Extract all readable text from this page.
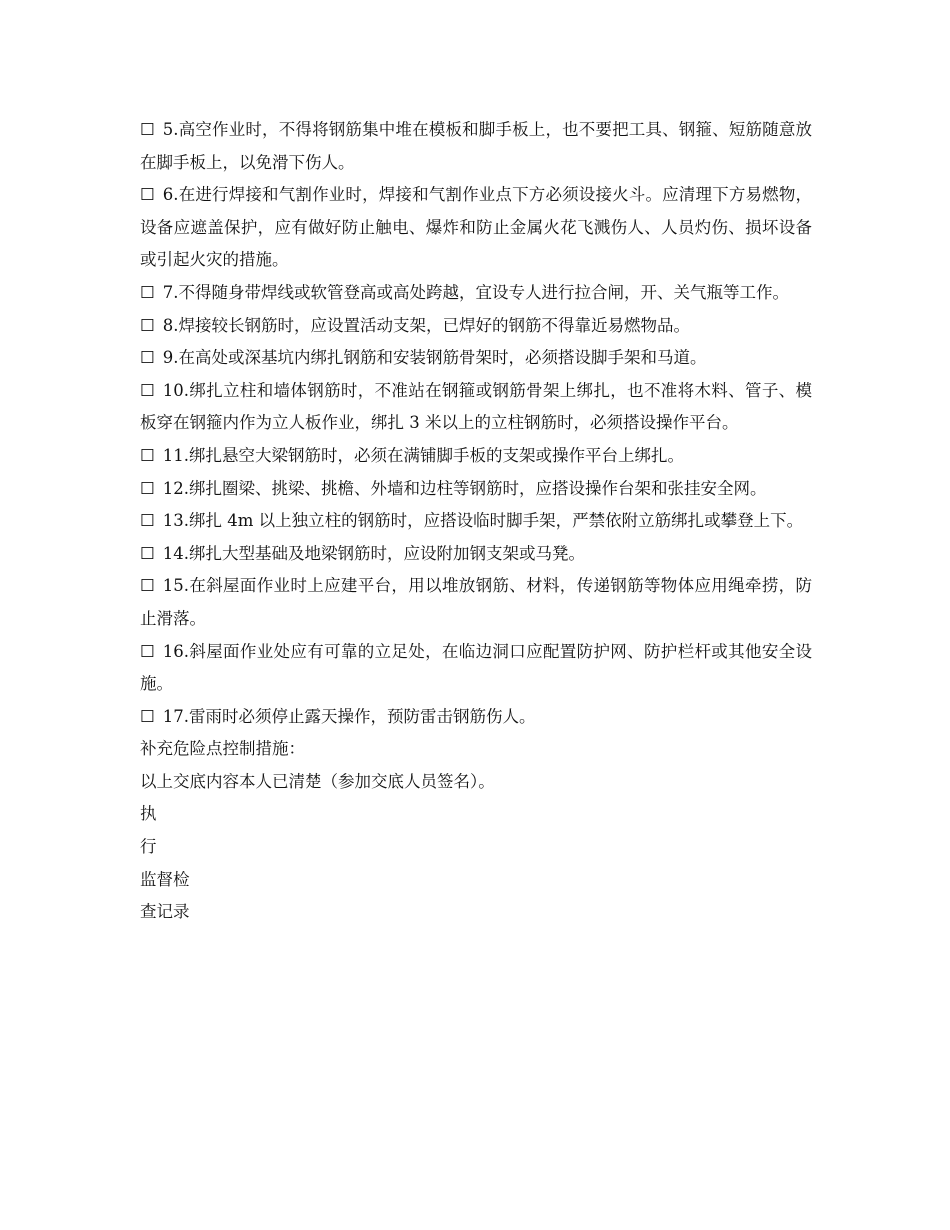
☐ 5.高空作业时，不得将钢筋集中堆在模板和脚手板上，也不要把工具、钢箍、短筋随意放在脚手板上，以免滑下伤人。

☐ 6.在进行焊接和气割作业时，焊接和气割作业点下方必须设接火斗。应清理下方易燃物，设备应遮盖保护，应有做好防止触电、爆炸和防止金属火花飞溅伤人、人员灼伤、损坏设备或引起火灾的措施。

☐ 7.不得随身带焊线或软管登高或高处跨越，宜设专人进行拉合闸，开、关气瓶等工作。

☐ 8.焊接较长钢筋时，应设置活动支架，已焊好的钢筋不得靠近易燃物品。

☐ 9.在高处或深基坑内绑扎钢筋和安装钢筋骨架时，必须搭设脚手架和马道。

☐ 10.绑扎立柱和墙体钢筋时，不准站在钢箍或钢筋骨架上绑扎，也不准将木料、管子、模板穿在钢箍内作为立人板作业，绑扎 3 米以上的立柱钢筋时，必须搭设操作平台。

☐ 11.绑扎悬空大梁钢筋时，必须在满铺脚手板的支架或操作平台上绑扎。

☐ 12.绑扎圈梁、挑梁、挑檐、外墙和边柱等钢筋时，应搭设操作台架和张挂安全网。

☐ 13.绑扎 4m 以上独立柱的钢筋时，应搭设临时脚手架，严禁依附立筋绑扎或攀登上下。

☐ 14.绑扎大型基础及地梁钢筋时，应设附加钢支架或马凳。

☐ 15.在斜屋面作业时上应建平台，用以堆放钢筋、材料，传递钢筋等物体应用绳牵捞，防止滑落。

☐ 16.斜屋面作业处应有可靠的立足处，在临边洞口应配置防护网、防护栏杆或其他安全设施。

☐ 17.雷雨时必须停止露天操作，预防雷击钢筋伤人。

补充危险点控制措施：

以上交底内容本人已清楚（参加交底人员签名）。

执

行

监督检

查记录
